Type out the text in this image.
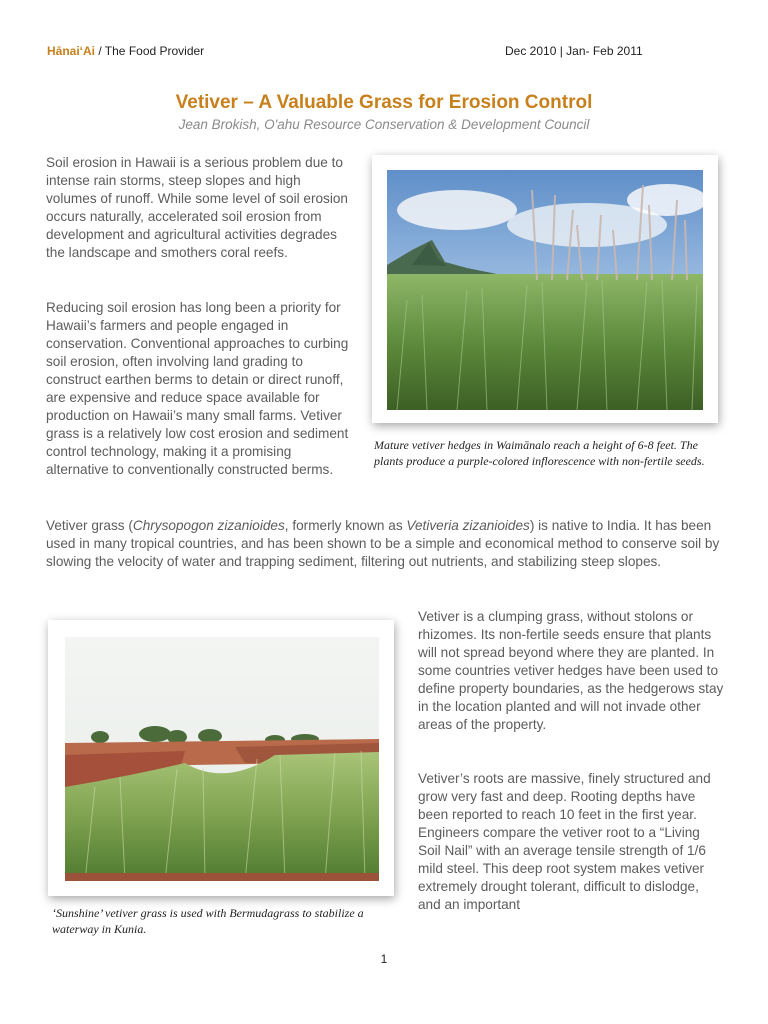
Hānai‘Ai / The Food Provider	Dec 2010 | Jan- Feb 2011
Vetiver – A Valuable Grass for Erosion Control
Jean Brokish, O'ahu Resource Conservation & Development Council
Soil erosion in Hawaii is a serious problem due to intense rain storms, steep slopes and high volumes of runoff. While some level of soil erosion occurs naturally, accelerated soil erosion from development and agricultural activities degrades the landscape and smothers coral reefs.
Reducing soil erosion has long been a priority for Hawaii’s farmers and people engaged in conservation. Conventional approaches to curbing soil erosion, often involving land grading to construct earthen berms to detain or direct runoff, are expensive and reduce space available for production on Hawaii’s many small farms. Vetiver grass is a relatively low cost erosion and sediment control technology, making it a promising alternative to conventionally constructed berms.
Mature vetiver hedges in Waimānalo reach a height of 6-8 feet. The plants produce a purple-colored inflorescence with non-fertile seeds.
Vetiver grass (Chrysopogon zizanioides, formerly known as Vetiveria zizanioides) is native to India. It has been used in many tropical countries, and has been shown to be a simple and economical method to conserve soil by slowing the velocity of water and trapping sediment, filtering out nutrients, and stabilizing steep slopes.
‘Sunshine’ vetiver grass is used with Bermudagrass to stabilize a waterway in Kunia.
Vetiver is a clumping grass, without stolons or rhizomes. Its non-fertile seeds ensure that plants will not spread beyond where they are planted. In some countries vetiver hedges have been used to define property boundaries, as the hedgerows stay in the location planted and will not invade other areas of the property.
Vetiver’s roots are massive, finely structured and grow very fast and deep. Rooting depths have been reported to reach 10 feet in the first year. Engineers compare the vetiver root to a “Living Soil Nail” with an average tensile strength of 1/6 mild steel. This deep root system makes vetiver extremely drought tolerant, difficult to dislodge, and an important
1
